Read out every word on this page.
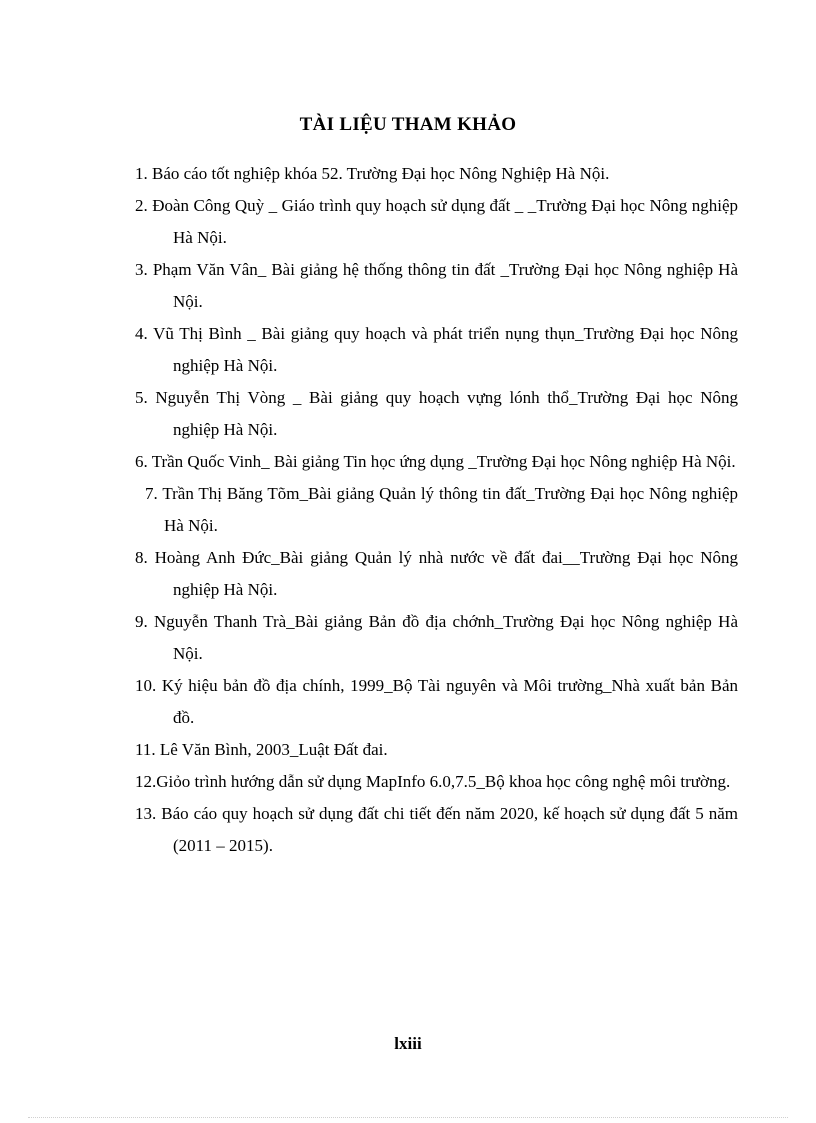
TÀI LIỆU THAM KHẢO
1. Báo cáo tốt nghiệp khóa 52. Trường Đại học Nông Nghiệp Hà Nội.
2. Đoàn Công Quỳ _ Giáo trình quy hoạch sử dụng đất _ _Trường Đại học Nông nghiệp Hà Nội.
3. Phạm Văn Vân_ Bài giảng hệ thống thông tin đất _Trường Đại học Nông nghiệp Hà Nội.
4. Vũ Thị Bình _ Bài giảng quy hoạch và phát triển nụng thụn_Trường Đại học Nông nghiệp Hà Nội.
5. Nguyễn Thị Vòng _ Bài giảng quy hoạch vựng lónh thổ_Trường Đại học Nông nghiệp Hà Nội.
6. Trần Quốc Vinh_ Bài giảng Tin học ứng dụng _Trường Đại học Nông nghiệp Hà Nội.
7. Trần Thị Băng Tõm_Bài giảng Quản lý thông tin đất_Trường Đại học Nông nghiệp Hà Nội.
8. Hoàng Anh Đức_Bài giảng Quản lý nhà nước về đất đai__Trường Đại học Nông nghiệp Hà Nội.
9. Nguyễn Thanh Trà_Bài giảng Bản đồ địa chớnh_Trường Đại học Nông nghiệp Hà Nội.
10. Ký hiệu bản đồ địa chính, 1999_Bộ Tài nguyên và Môi trường_Nhà xuất bản Bản đồ.
11. Lê Văn Bình, 2003_Luật Đất đai.
12.Giỏo trình hướng dẫn sử dụng MapInfo 6.0,7.5_Bộ khoa học công nghệ môi trường.
13. Báo cáo quy hoạch sử dụng đất chi tiết đến năm 2020, kế hoạch sử dụng đất 5 năm (2011 – 2015).
lxiii
